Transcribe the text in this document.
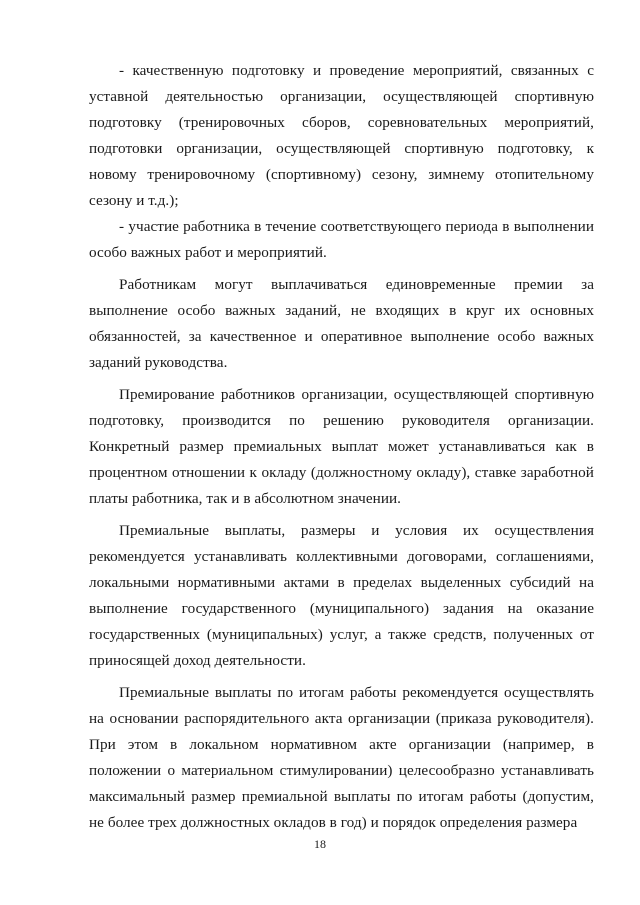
- качественную подготовку и проведение мероприятий, связанных с уставной деятельностью организации, осуществляющей спортивную подготовку (тренировочных сборов, соревновательных мероприятий, подготовки организации, осуществляющей спортивную подготовку, к новому тренировочному (спортивному) сезону, зимнему отопительному сезону и т.д.);

- участие работника в течение соответствующего периода в выполнении особо важных работ и мероприятий.

Работникам могут выплачиваться единовременные премии за выполнение особо важных заданий, не входящих в круг их основных обязанностей, за качественное и оперативное выполнение особо важных заданий руководства.

Премирование работников организации, осуществляющей спортивную подготовку, производится по решению руководителя организации. Конкретный размер премиальных выплат может устанавливаться как в процентном отношении к окладу (должностному окладу), ставке заработной платы работника, так и в абсолютном значении.

Премиальные выплаты, размеры и условия их осуществления рекомендуется устанавливать коллективными договорами, соглашениями, локальными нормативными актами в пределах выделенных субсидий на выполнение государственного (муниципального) задания на оказание государственных (муниципальных) услуг, а также средств, полученных от приносящей доход деятельности.

Премиальные выплаты по итогам работы рекомендуется осуществлять на основании распорядительного акта организации (приказа руководителя). При этом в локальном нормативном акте организации (например, в положении о материальном стимулировании) целесообразно устанавливать максимальный размер премиальной выплаты по итогам работы (допустим, не более трех должностных окладов в год) и порядок определения размера

18
